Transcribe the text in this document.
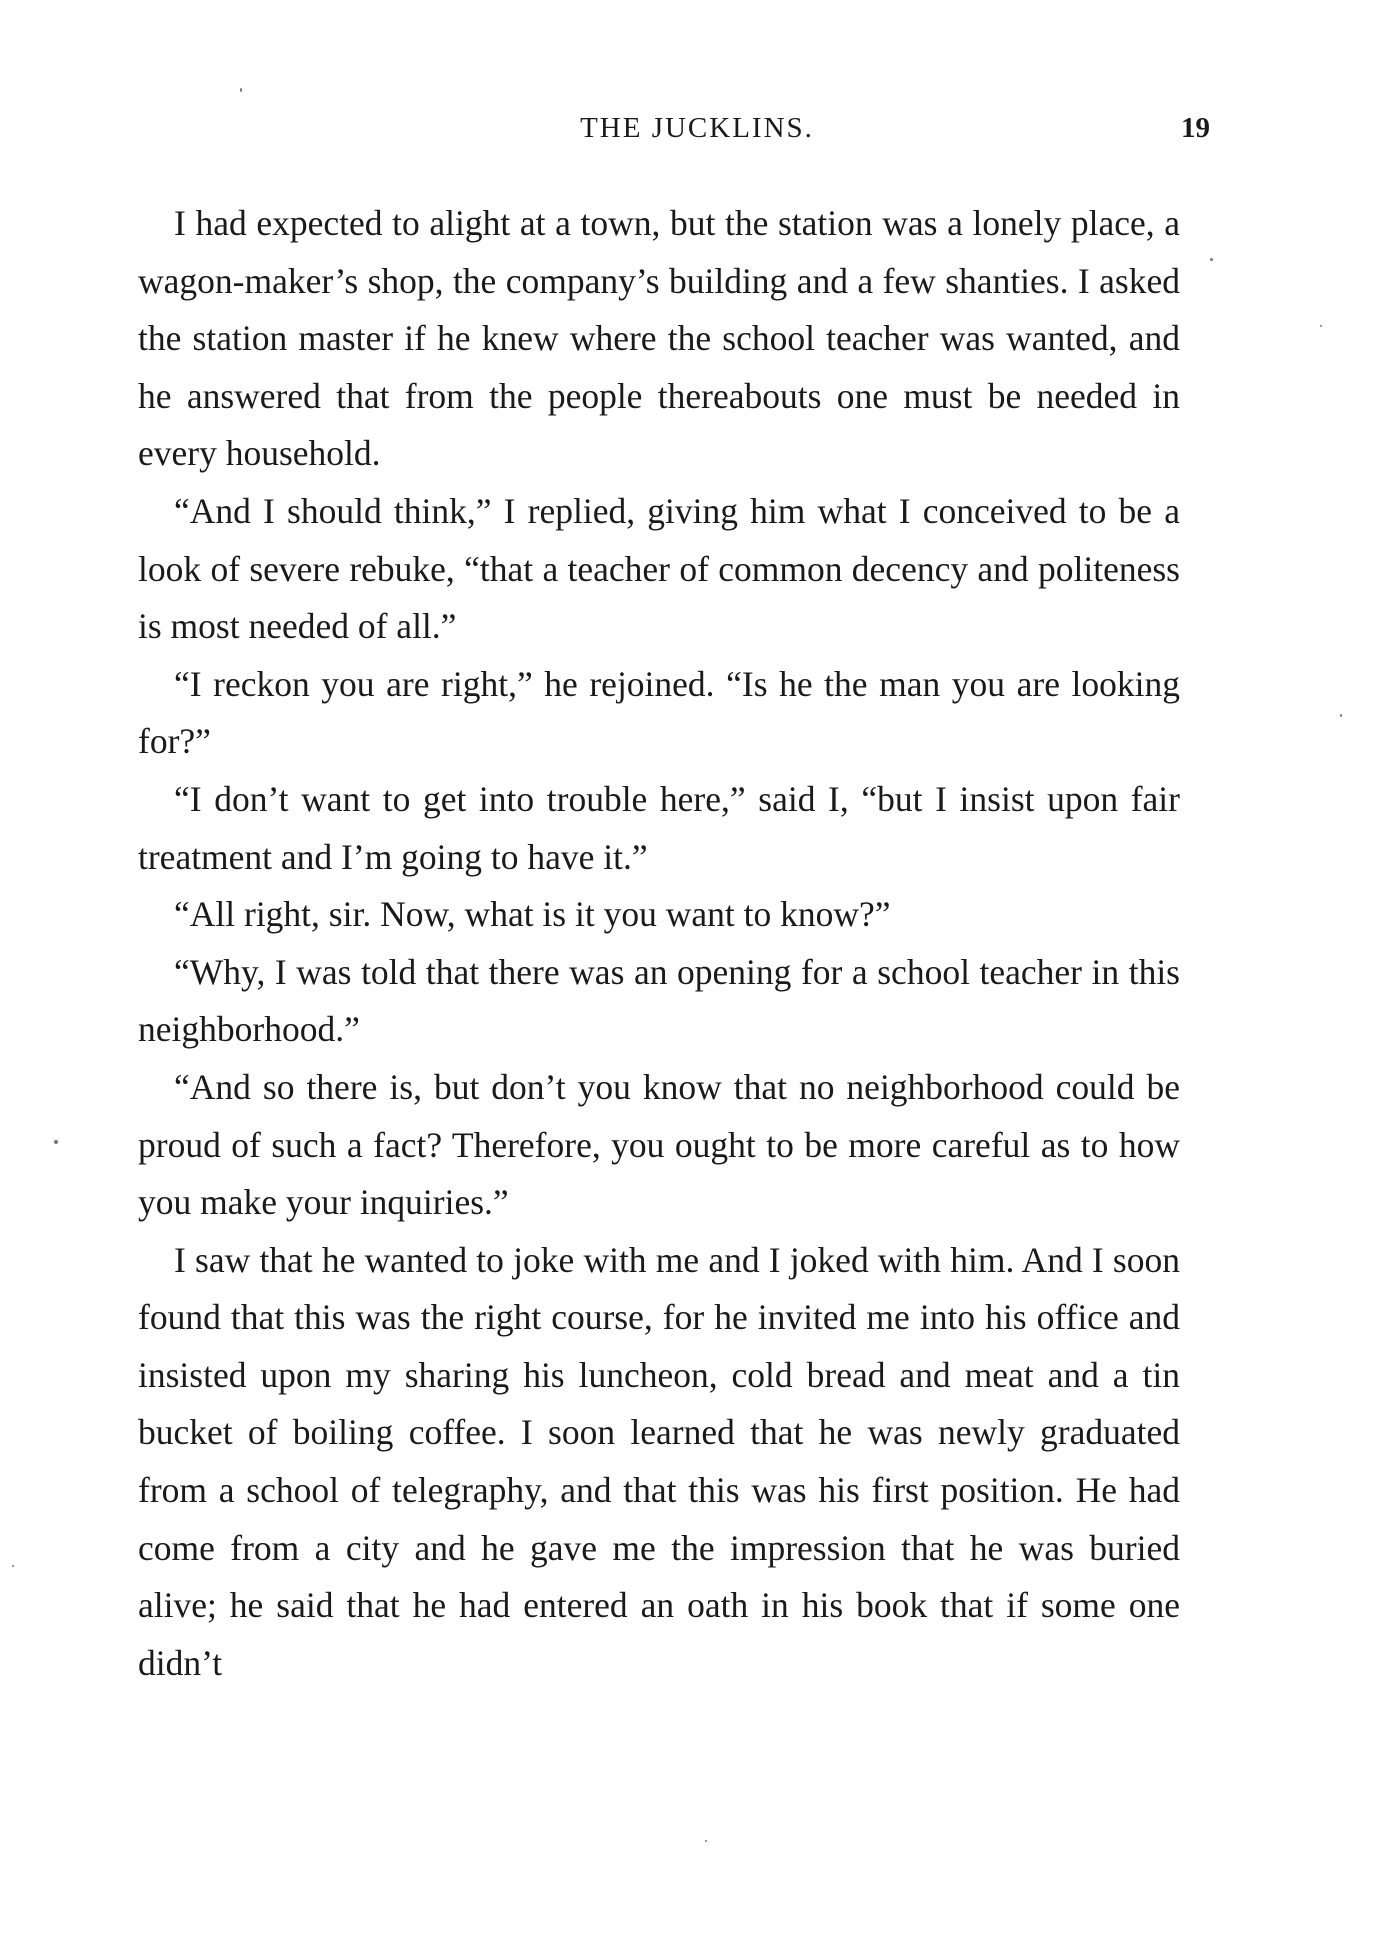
THE JUCKLINS.	19

I had expected to alight at a town, but the station was a lonely place, a wagon-maker’s shop, the company’s building and a few shanties. I asked the station master if he knew where the school teacher was wanted, and he answered that from the people thereabouts one must be needed in every household.

“And I should think,” I replied, giving him what I conceived to be a look of severe rebuke, “that a teacher of common decency and politeness is most needed of all.”

“I reckon you are right,” he rejoined. “Is he the man you are looking for?”

“I don’t want to get into trouble here,” said I, “but I insist upon fair treatment and I’m going to have it.”

“All right, sir. Now, what is it you want to know?”

“Why, I was told that there was an opening for a school teacher in this neighborhood.”

“And so there is, but don’t you know that no neighborhood could be proud of such a fact? Therefore, you ought to be more careful as to how you make your inquiries.”

I saw that he wanted to joke with me and I joked with him. And I soon found that this was the right course, for he invited me into his office and insisted upon my sharing his luncheon, cold bread and meat and a tin bucket of boiling coffee. I soon learned that he was newly graduated from a school of telegraphy, and that this was his first position. He had come from a city and he gave me the impression that he was buried alive; he said that he had entered an oath in his book that if some one didn’t
